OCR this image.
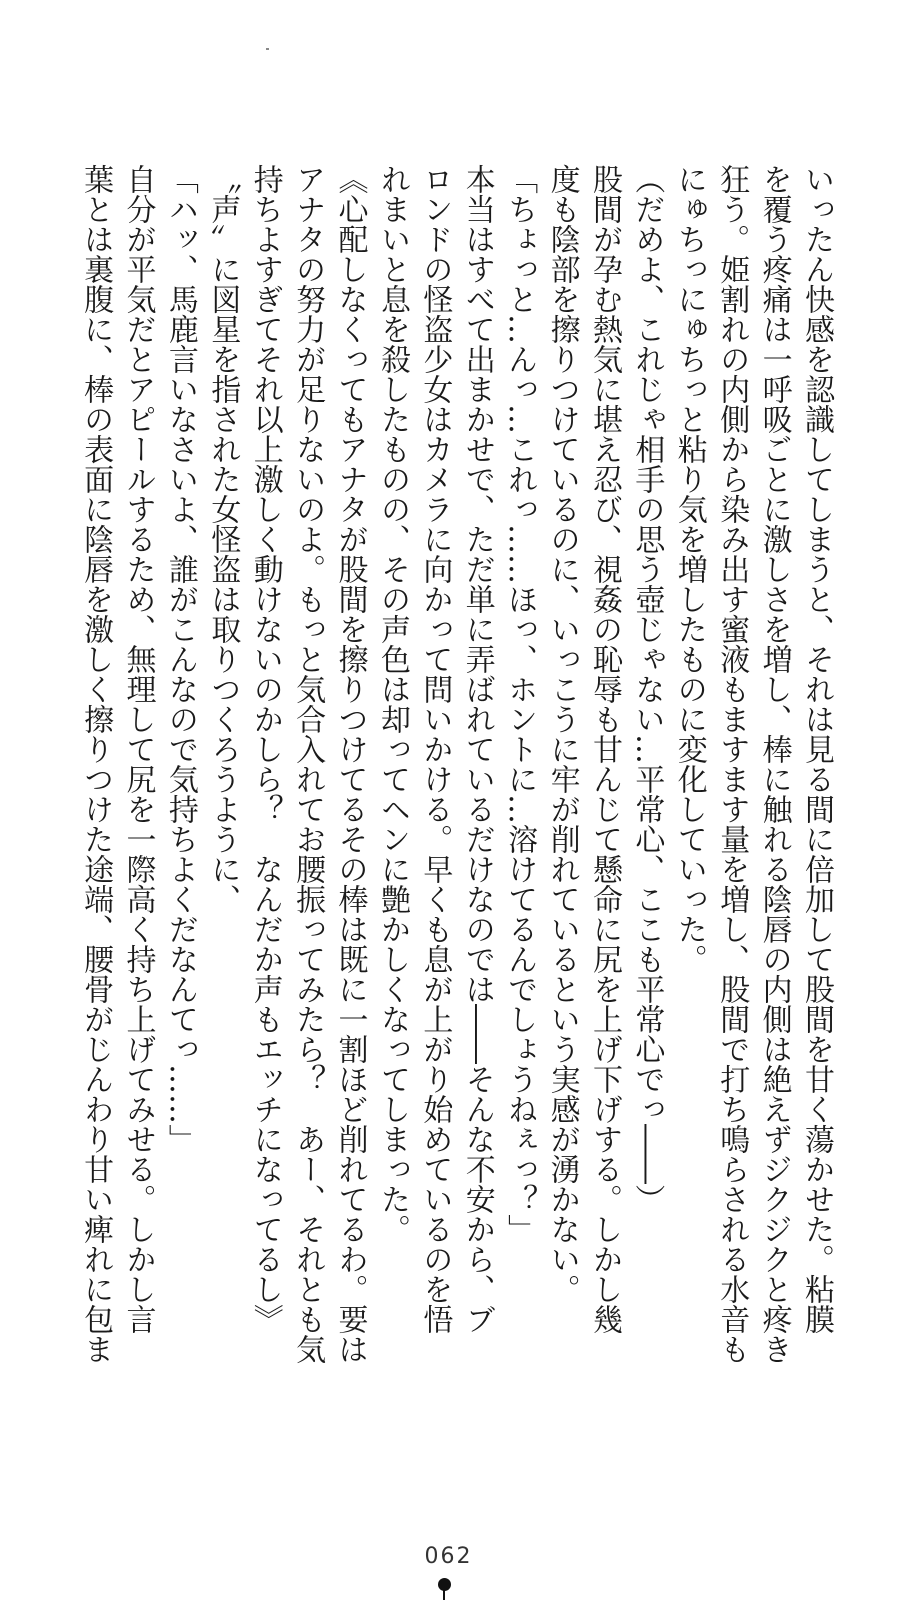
いったん快感を認識してしまうと、それは見る間に倍加して股間を甘く蕩かせた。粘膜
を覆う疼痛は一呼吸ごとに激しさを増し、棒に触れる陰唇の内側は絶えずジクジクと疼き
狂う。姫割れの内側から染み出す蜜液もますます量を増し、股間で打ち鳴らされる水音も
にゅちっにゅちっと粘り気を増したものに変化していった。
（だめよ、これじゃ相手の思う壺じゃない…平常心、ここも平常心でっ――）
股間が孕む熱気に堪え忍び、視姦の恥辱も甘んじて懸命に尻を上げ下げする。しかし幾
度も陰部を擦りつけているのに、いっこうに牢が削れているという実感が湧かない。
「ちょっと…んっ…これっ……ほっ、ホントに…溶けてるんでしょうねぇっ？」
本当はすべて出まかせで、ただ単に弄ばれているだけなのでは――そんな不安から、ブ
ロンドの怪盗少女はカメラに向かって問いかける。早くも息が上がり始めているのを悟
れまいと息を殺したものの、その声色は却ってヘンに艶かしくなってしまった。
《心配しなくってもアナタが股間を擦りつけてるその棒は既に一割ほど削れてるわ。要は
アナタの努力が足りないのよ。もっと気合入れてお腰振ってみたら？　あー、それとも気
持ちよすぎてそれ以上激しく動けないのかしら？　なんだか声もエッチになってるし》
〝声〟に図星を指された女怪盗は取りつくろうように、
「ハッ、馬鹿言いなさいよ、誰がこんなので気持ちよくだなんてっ……」
自分が平気だとアピールするため、無理して尻を一際高く持ち上げてみせる。しかし言
葉とは裏腹に、棒の表面に陰唇を激しく擦りつけた途端、腰骨がじんわり甘い痺れに包ま
062
